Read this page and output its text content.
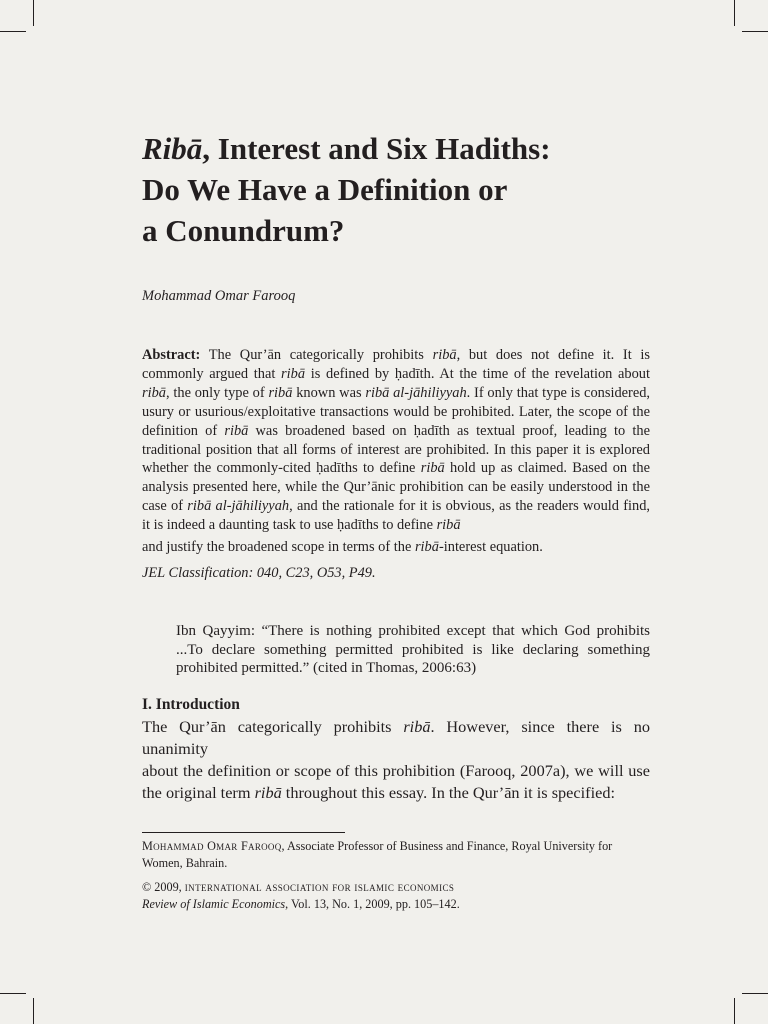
Ribā, Interest and Six Hadiths:
Do We Have a Definition or
a Conundrum?

Mohammad Omar Farooq

Abstract: The Qur’ān categorically prohibits ribā, but does not define it. It is commonly argued that ribā is defined by ḥadīth. At the time of the revelation about ribā, the only type of ribā known was ribā al-jāhiliyyah. If only that type is considered, usury or usurious/exploitative transactions would be prohibited. Later, the scope of the definition of ribā was broadened based on ḥadīth as textual proof, leading to the traditional position that all forms of interest are prohibited. In this paper it is explored whether the commonly-cited ḥadīths to define ribā hold up as claimed. Based on the analysis presented here, while the Qur’ānic prohibition can be easily understood in the case of ribā al-jāhiliyyah, and the rationale for it is obvious, as the readers would find, it is indeed a daunting task to use ḥadīths to define ribā
and justify the broadened scope in terms of the ribā-interest equation.

JEL Classification: 040, C23, O53, P49.

Ibn Qayyim: “There is nothing prohibited except that which God prohibits ...To declare something permitted prohibited is like declaring something prohibited permitted.” (cited in Thomas, 2006:63)

I. Introduction

The Qur’ān categorically prohibits ribā. However, since there is no unanimity
about the definition or scope of this prohibition (Farooq, 2007a), we will use
the original term ribā throughout this essay. In the Qur’ān it is specified:

Mohammad Omar Farooq, Associate Professor of Business and Finance, Royal University for Women, Bahrain.

© 2009, international association for islamic economics
Review of Islamic Economics, Vol. 13, No. 1, 2009, pp. 105–142.
